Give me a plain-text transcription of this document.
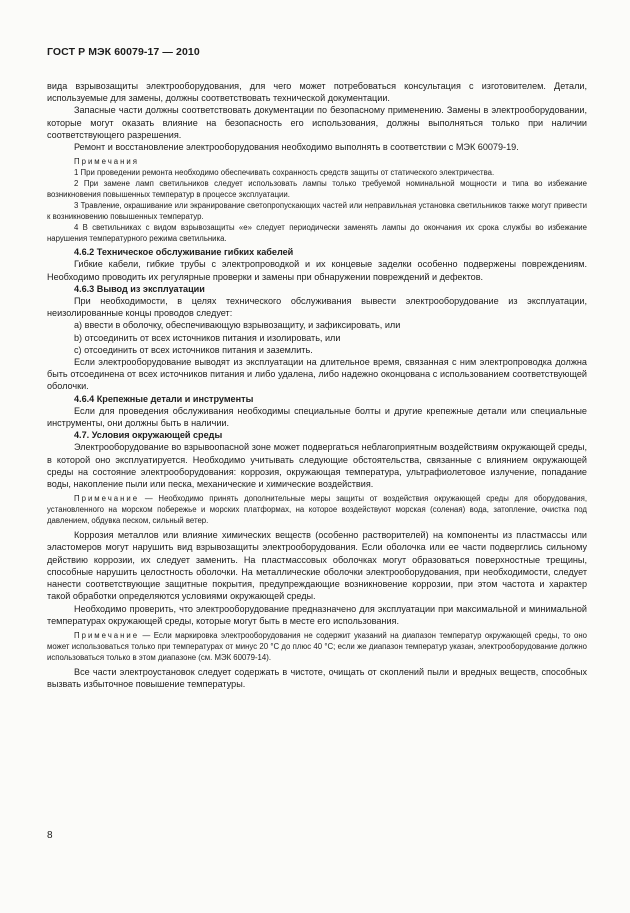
ГОСТ Р МЭК 60079-17 — 2010

вида взрывозащиты электрооборудования, для чего может потребоваться консультация с изготовителем. Детали, используемые для замены, должны соответствовать технической документации.

Запасные части должны соответствовать документации по безопасному применению. Замены в электрооборудовании, которые могут оказать влияние на безопасность его использования, должны выполняться только при наличии соответствующего разрешения.

Ремонт и восстановление электрооборудования необходимо выполнять в соответствии с МЭК 60079-19.

Примечания

1 При проведении ремонта необходимо обеспечивать сохранность средств защиты от статического электричества.

2 При замене ламп светильников следует использовать лампы только требуемой номинальной мощности и типа во избежание возникновения повышенных температур в процессе эксплуатации.

3 Травление, окрашивание или экранирование светопропускающих частей или неправильная установка светильников также могут привести к возникновению повышенных температур.

4 В светильниках с видом взрывозащиты «e» следует периодически заменять лампы до окончания их срока службы во избежание нарушения температурного режима светильника.

4.6.2 Техническое обслуживание гибких кабелей

Гибкие кабели, гибкие трубы с электропроводкой и их концевые заделки особенно подвержены повреждениям. Необходимо проводить их регулярные проверки и замены при обнаружении повреждений и дефектов.

4.6.3 Вывод из эксплуатации

При необходимости, в целях технического обслуживания вывести электрооборудование из эксплуатации, неизолированные концы проводов следует:

a) ввести в оболочку, обеспечивающую взрывозащиту, и зафиксировать, или

b) отсоединить от всех источников питания и изолировать, или

c) отсоединить от всех источников питания и заземлить.

Если электрооборудование выводят из эксплуатации на длительное время, связанная с ним электропроводка должна быть отсоединена от всех источников питания и либо удалена, либо надежно оконцована с использованием соответствующей оболочки.

4.6.4 Крепежные детали и инструменты

Если для проведения обслуживания необходимы специальные болты и другие крепежные детали или специальные инструменты, они должны быть в наличии.

4.7. Условия окружающей среды

Электрооборудование во взрывоопасной зоне может подвергаться неблагоприятным воздействиям окружающей среды, в которой оно эксплуатируется. Необходимо учитывать следующие обстоятельства, связанные с влиянием окружающей среды на состояние электрооборудования: коррозия, окружающая температура, ультрафиолетовое излучение, попадание воды, накопление пыли или песка, механические и химические воздействия.

Примечание — Необходимо принять дополнительные меры защиты от воздействия окружающей среды для оборудования, установленного на морском побережье и морских платформах, на которое воздействуют морская (соленая) вода, затопление, очистка под давлением, обдувка песком, сильный ветер.

Коррозия металлов или влияние химических веществ (особенно растворителей) на компоненты из пластмассы или эластомеров могут нарушить вид взрывозащиты электрооборудования. Если оболочка или ее части подверглись сильному действию коррозии, их следует заменить. На пластмассовых оболочках могут образоваться поверхностные трещины, способные нарушить целостность оболочки. На металлические оболочки электрооборудования, при необходимости, следует нанести соответствующие защитные покрытия, предупреждающие возникновение коррозии, при этом частота и характер такой обработки определяются условиями окружающей среды.

Необходимо проверить, что электрооборудование предназначено для эксплуатации при максимальной и минимальной температурах окружающей среды, которые могут быть в месте его использования.

Примечание — Если маркировка электрооборудования не содержит указаний на диапазон температур окружающей среды, то оно может использоваться только при температурах от минус 20 °С до плюс 40 °С; если же диапазон температур указан, электрооборудование должно использоваться только в этом диапазоне (см. МЭК 60079-14).

Все части электроустановок следует содержать в чистоте, очищать от скоплений пыли и вредных веществ, способных вызвать избыточное повышение температуры.

8
